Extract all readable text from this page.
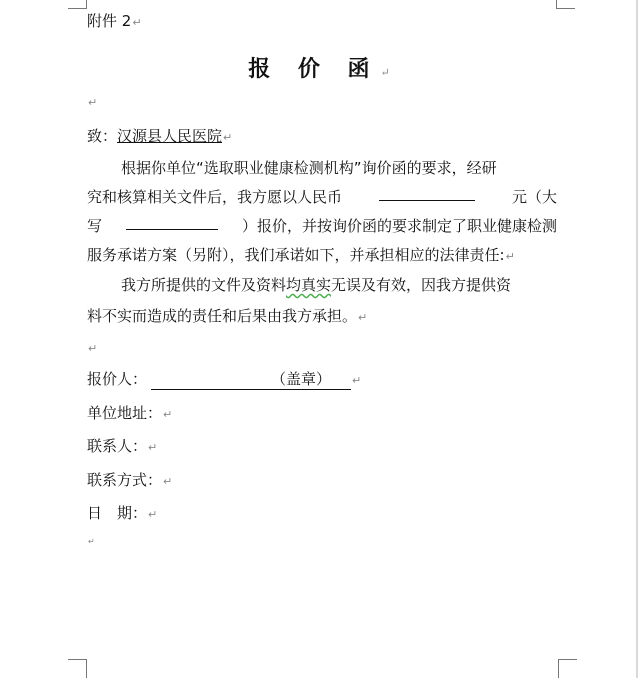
附件 2↵
报 价 函↵
↵
致：汉源县人民医院↵
根据你单位“选取职业健康检测机构”询价函的要求，经研
究和核算相关文件后，我方愿以人民币	元（大
写	）报价，并按询价函的要求制定了职业健康检测
服务承诺方案（另附），我们承诺如下，并承担相应的法律责任:↵
我方所提供的文件及资料均真实无误及有效，因我方提供资
料不实而造成的责任和后果由我方承担。↵
↵
报价人：	（盖章） ↵
单位地址：↵
联系人：↵
联系方式：↵
日　期：↵
↵
